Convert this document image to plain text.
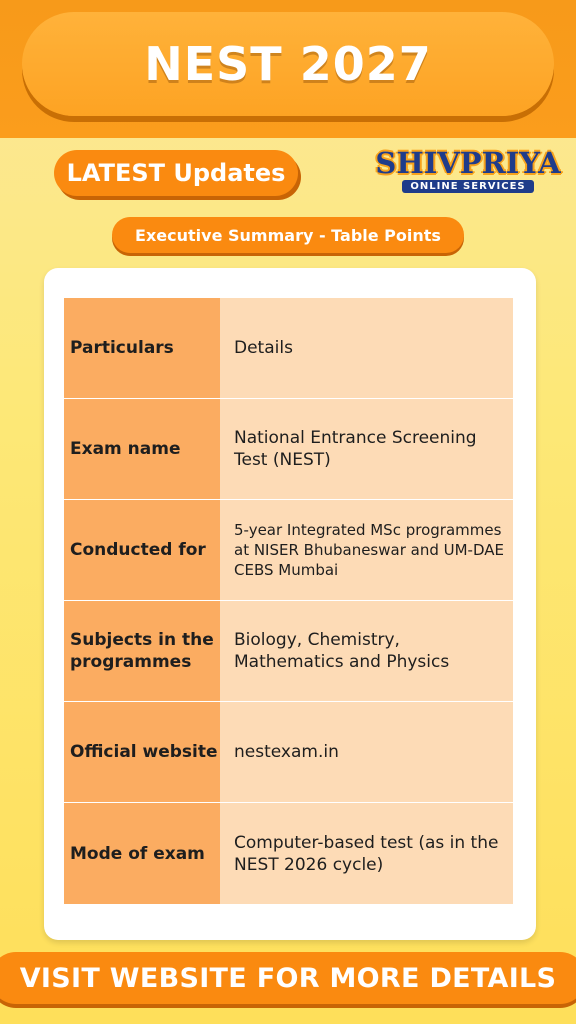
NEST 2027
LATEST Updates	SHIVPRIYA
ONLINE SERVICES
Executive Summary - Table Points
Particulars	Details
Exam name
National Entrance Screening Test (NEST)
Conducted for
5-year Integrated MSc programmes at NISER Bhubaneswar and UM-DAE CEBS Mumbai
Subjects in the programmes
Biology, Chemistry, Mathematics and Physics
Official website nestexam.in
Mode of exam
Computer-based test (as in the NEST 2026 cycle)
VISIT WEBSITE FOR MORE DETAILS
